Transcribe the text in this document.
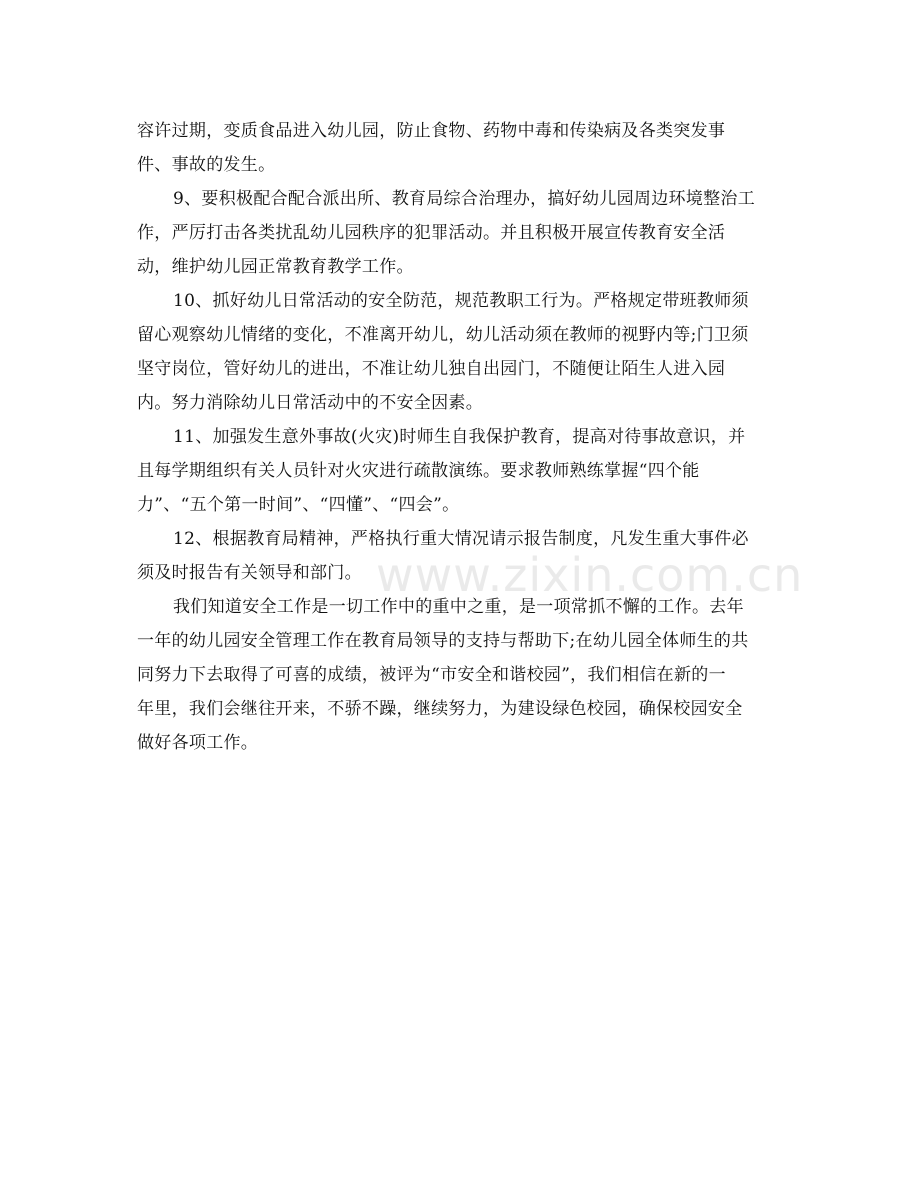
容许过期，变质食品进入幼儿园，防止食物、药物中毒和传染病及各类突发事
件、事故的发生。
9、要积极配合配合派出所、教育局综合治理办，搞好幼儿园周边环境整治工
作，严厉打击各类扰乱幼儿园秩序的犯罪活动。并且积极开展宣传教育安全活
动，维护幼儿园正常教育教学工作。
10、抓好幼儿日常活动的安全防范，规范教职工行为。严格规定带班教师须
留心观察幼儿情绪的变化，不准离开幼儿，幼儿活动须在教师的视野内等;门卫须
坚守岗位，管好幼儿的进出，不准让幼儿独自出园门，不随便让陌生人进入园
内。努力消除幼儿日常活动中的不安全因素。
11、加强发生意外事故(火灾)时师生自我保护教育，提高对待事故意识，并
且每学期组织有关人员针对火灾进行疏散演练。要求教师熟练掌握“四个能
力”、“五个第一时间”、“四懂”、“四会”。
12、根据教育局精神，严格执行重大情况请示报告制度，凡发生重大事件必
须及时报告有关领导和部门。
我们知道安全工作是一切工作中的重中之重，是一项常抓不懈的工作。去年
一年的幼儿园安全管理工作在教育局领导的支持与帮助下;在幼儿园全体师生的共
同努力下去取得了可喜的成绩，被评为“市安全和谐校园”，我们相信在新的一
年里，我们会继往开来，不骄不躁，继续努力，为建设绿色校园，确保校园安全
做好各项工作。
www.zixin.com.cn
